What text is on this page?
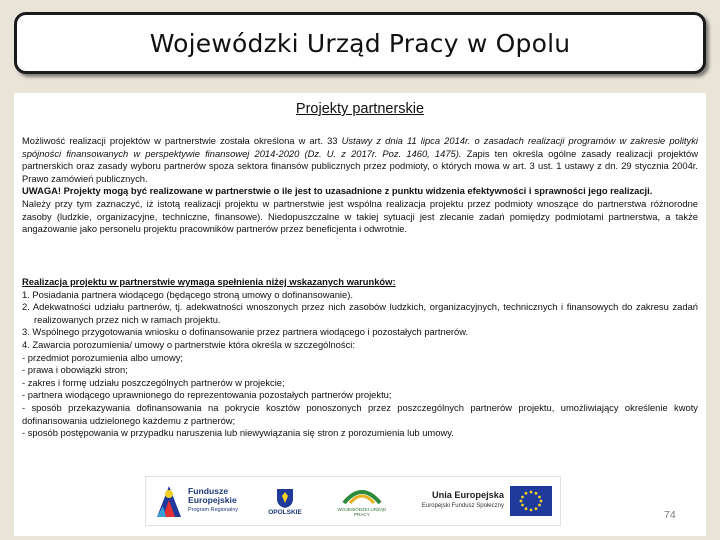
Wojewódzki Urząd Pracy w Opolu
Projekty partnerskie
Możliwość realizacji projektów w partnerstwie została określona w art. 33 Ustawy z dnia 11 lipca 2014r. o zasadach realizacji programów w zakresie polityki spójności finansowanych w perspektywie finansowej 2014-2020 (Dz. U. z 2017r. Poz. 1460, 1475). Zapis ten określa ogólne zasady realizacji projektów partnerskich oraz zasady wyboru partnerów spoza sektora finansów publicznych przez podmioty, o których mowa w art. 3 ust. 1 ustawy z dn. 29 stycznia 2004r. Prawo zamówień publicznych.
UWAGA! Projekty mogą być realizowane w partnerstwie o ile jest to uzasadnione z punktu widzenia efektywności i sprawności jego realizacji.
Należy przy tym zaznaczyć, iż istotą realizacji projektu w partnerstwie jest wspólna realizacja projektu przez podmioty wnoszące do partnerstwa różnorodne zasoby (ludzkie, organizacyjne, techniczne, finansowe). Niedopuszczalne w takiej sytuacji jest zlecanie zadań pomiędzy podmiotami partnerstwa, a także angażowanie jako personelu projektu pracowników partnerów przez beneficjenta i odwrotnie.
Realizacja projektu w partnerstwie wymaga spełnienia niżej wskazanych warunków:
1. Posiadania partnera wiodącego (będącego stroną umowy o dofinansowanie).
2. Adekwatności udziału partnerów, tj. adekwatności wnoszonych przez nich zasobów ludzkich, organizacyjnych, technicznych i finansowych do zakresu zadań realizowanych przez nich w ramach projektu.
3. Wspólnego przygotowania wniosku o dofinansowanie przez partnera wiodącego i pozostałych partnerów.
4. Zawarcia porozumienia/ umowy o partnerstwie która określa w szczególności:
- przedmiot porozumienia albo umowy;
- prawa i obowiązki stron;
- zakres i formę udziału poszczególnych partnerów w projekcie;
- partnera wiodącego uprawnionego do reprezentowania pozostałych partnerów projektu;
- sposób przekazywania dofinansowania na pokrycie kosztów ponoszonych przez poszczególnych partnerów projektu, umożliwiający określenie kwoty dofinansowania udzielonego każdemu z partnerów;
- sposób postępowania w przypadku naruszenia lub niewywiązania się stron z porozumienia lub umowy.
Fundusze
Europejskie
Program Regionalny	OPOLSKIE	WOJEWÓDZKI URZĄD PRACY
Unia Europejska
Europejski Fundusz Społeczny
74
